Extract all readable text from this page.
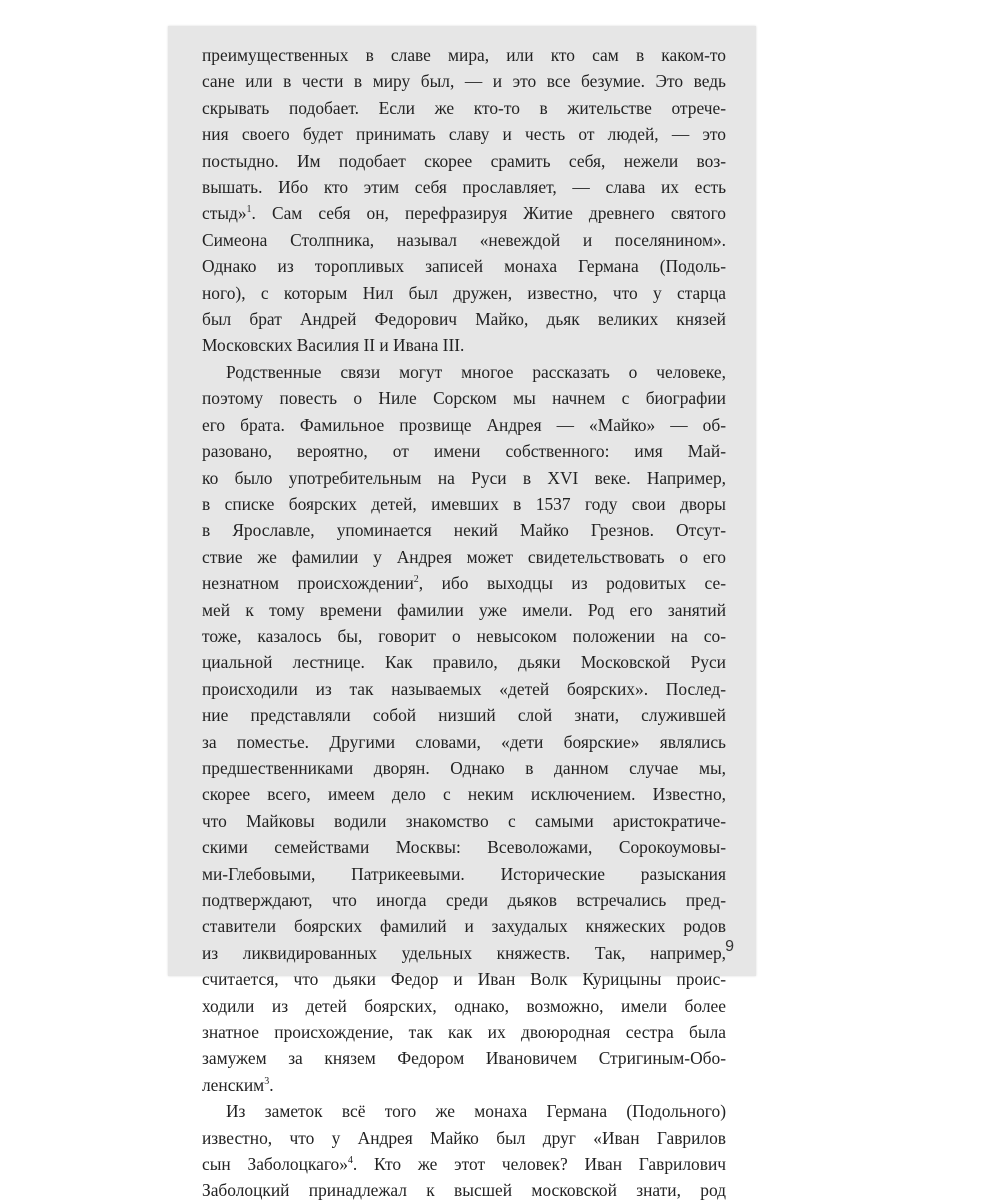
преимущественных в славе мира, или кто сам в каком-то
сане или в чести в миру был, — и это все безумие. Это ведь
скрывать подобает. Если же кто-то в жительстве отрече-
ния своего будет принимать славу и честь от людей, — это
постыдно. Им подобает скорее срамить себя, нежели воз-
вышать. Ибо кто этим себя прославляет, — слава их есть
стыд»$^1$. Сам себя он, перефразируя Житие древнего святого
Симеона Столпника, называл «невеждой и поселянином».
Однако из торопливых записей монаха Германа (Подоль-
ного), с которым Нил был дружен, известно, что у старца
был брат Андрей Федорович Майко, дьяк великих князей
Московских Василия II и Ивана III.

Родственные связи могут многое рассказать о человеке,
поэтому повесть о Ниле Сорском мы начнем с биографии
его брата. Фамильное прозвище Андрея — «Майко» — об-
разовано, вероятно, от имени собственного: имя Май-
ко было употребительным на Руси в XVI веке. Например,
в списке боярских детей, имевших в 1537 году свои дворы
в Ярославле, упоминается некий Майко Грезнов. Отсут-
ствие же фамилии у Андрея может свидетельствовать о его
незнатном происхождении$^2$, ибо выходцы из родовитых се-
мей к тому времени фамилии уже имели. Род его занятий
тоже, казалось бы, говорит о невысоком положении на со-
циальной лестнице. Как правило, дьяки Московской Руси
происходили из так называемых «детей боярских». Послед-
ние представляли собой низший слой знати, служившей
за поместье. Другими словами, «дети боярские» являлись
предшественниками дворян. Однако в данном случае мы,
скорее всего, имеем дело с неким исключением. Известно,
что Майковы водили знакомство с самыми аристократиче-
скими семействами Москвы: Всеволожами, Сорокоумовы-
ми-Глебовыми, Патрикеевыми. Исторические разыскания
подтверждают, что иногда среди дьяков встречались пред-
ставители боярских фамилий и захудалых княжеских родов
из ликвидированных удельных княжеств. Так, например,
считается, что дьяки Федор и Иван Волк Курицыны проис-
ходили из детей боярских, однако, возможно, имели более
знатное происхождение, так как их двоюродная сестра была
замужем за князем Федором Ивановичем Стригиным-Обо-
ленским$^3$.

Из заметок всё того же монаха Германа (Подольного)
известно, что у Андрея Майко был друг «Иван Гаврилов
сын Заболоцкаго»$^4$. Кто же этот человек? Иван Гаврилович
Заболоцкий принадлежал к высшей московской знати, род

9
